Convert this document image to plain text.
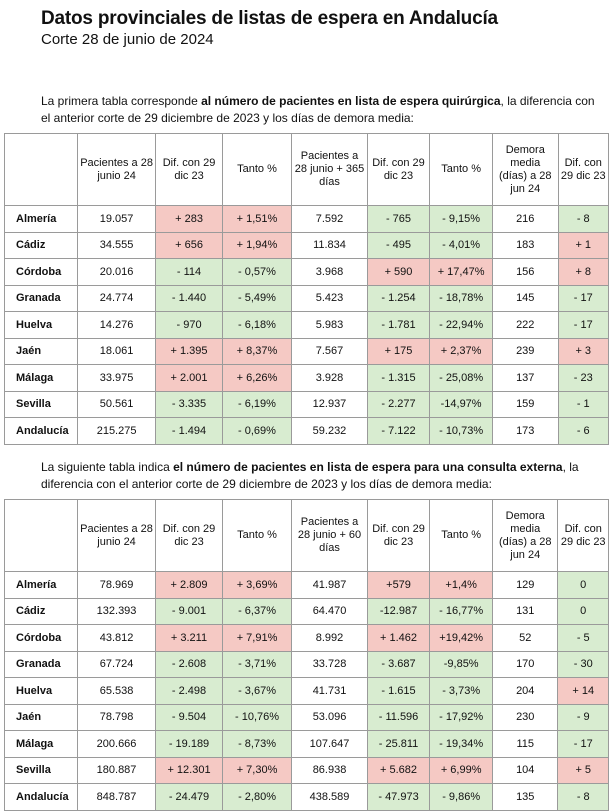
Datos provinciales de listas de espera en Andalucía
Corte 28 de junio de 2024
La primera tabla corresponde al número de pacientes en lista de espera quirúrgica, la diferencia con el anterior corte de 29 diciembre de 2023 y los días de demora media:
	Pacientes a 28 junio 24	Dif. con 29 dic 23	Tanto %	Pacientes a 28 junio + 365 días	Dif. con 29 dic 23	Tanto %	Demora media (días) a 28 jun 24	Dif. con 29 dic 23
Almería	19.057	+ 283	+ 1,51%	7.592	- 765	- 9,15%	216	- 8
Cádiz	34.555	+ 656	+ 1,94%	11.834	- 495	- 4,01%	183	+ 1
Córdoba	20.016	- 114	- 0,57%	3.968	+ 590	+ 17,47%	156	+ 8
Granada	24.774	- 1.440	- 5,49%	5.423	- 1.254	- 18,78%	145	- 17
Huelva	14.276	- 970	- 6,18%	5.983	- 1.781	- 22,94%	222	- 17
Jaén	18.061	+ 1.395	+ 8,37%	7.567	+ 175	+ 2,37%	239	+ 3
Málaga	33.975	+ 2.001	+ 6,26%	3.928	- 1.315	- 25,08%	137	- 23
Sevilla	50.561	- 3.335	- 6,19%	12.937	- 2.277	-14,97%	159	- 1
Andalucía	215.275	- 1.494	- 0,69%	59.232	- 7.122	- 10,73%	173	- 6
La siguiente tabla indica el número de pacientes en lista de espera para una consulta externa, la diferencia con el anterior corte de 29 diciembre de 2023 y los días de demora media:
	Pacientes a 28 junio 24	Dif. con 29 dic 23	Tanto %	Pacientes a 28 junio + 60 días	Dif. con 29 dic 23	Tanto %	Demora media (días) a 28 jun 24	Dif. con 29 dic 23
Almería	78.969	+ 2.809	+ 3,69%	41.987	+579	+1,4%	129	0
Cádiz	132.393	- 9.001	- 6,37%	64.470	-12.987	- 16,77%	131	0
Córdoba	43.812	+ 3.211	+ 7,91%	8.992	+ 1.462	+19,42%	52	- 5
Granada	67.724	- 2.608	- 3,71%	33.728	- 3.687	-9,85%	170	- 30
Huelva	65.538	- 2.498	- 3,67%	41.731	- 1.615	- 3,73%	204	+ 14
Jaén	78.798	- 9.504	- 10,76%	53.096	- 11.596	- 17,92%	230	- 9
Málaga	200.666	- 19.189	- 8,73%	107.647	- 25.811	- 19,34%	115	- 17
Sevilla	180.887	+ 12.301	+ 7,30%	86.938	+ 5.682	+ 6,99%	104	+ 5
Andalucía	848.787	- 24.479	- 2,80%	438.589	- 47.973	- 9,86%	135	- 8
